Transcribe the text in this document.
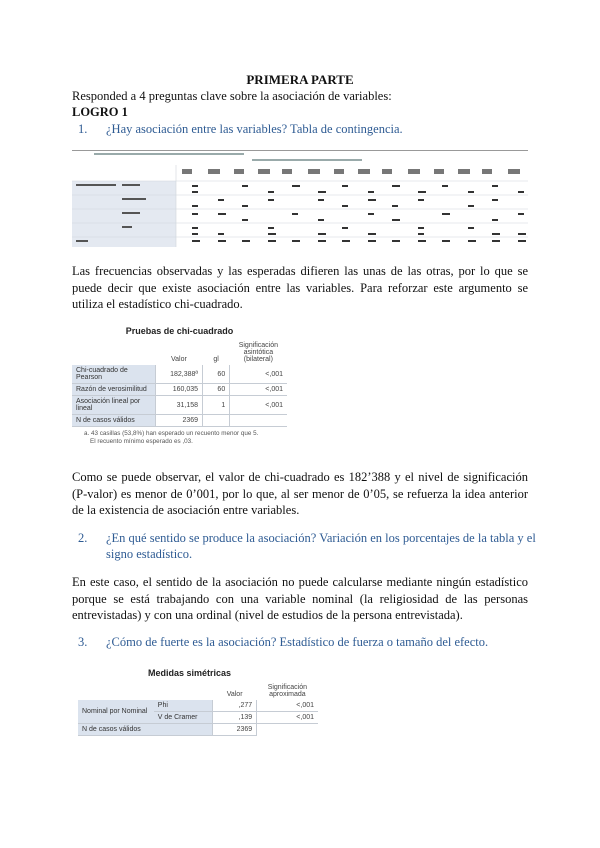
PRIMERA PARTE
Responded a 4 preguntas clave sobre la asociación de variables:
LOGRO 1
1. ¿Hay asociación entre las variables? Tabla de contingencia.
Las frecuencias observadas y las esperadas difieren las unas de las otras, por lo que se puede decir que existe asociación entre las variables. Para reforzar este argumento se utiliza el estadístico chi-cuadrado.
Pruebas de chi-cuadrado
	Valor	gl	Significación asintótica (bilateral)
Chi-cuadrado de Pearson	182,388ª	60	<,001
Razón de verosimilitud	160,035	60	<,001
Asociación lineal por lineal	31,158	1	<,001
N de casos válidos	2369		
a. 43 casillas (53,8%) han esperado un recuento menor que 5.
El recuento mínimo esperado es ,03.
Como se puede observar, el valor de chi-cuadrado es 182’388 y el nivel de significación (P-valor) es menor de 0’001, por lo que, al ser menor de 0’05, se refuerza la idea anterior de la existencia de asociación entre variables.
2. ¿En qué sentido se produce la asociación? Variación en los porcentajes de la tabla y el
signo estadístico.
En este caso, el sentido de la asociación no puede calcularse mediante ningún estadístico porque se está trabajando con una variable nominal (la religiosidad de las personas entrevistadas) y con una ordinal (nivel de estudios de la persona entrevistada).
3. ¿Cómo de fuerte es la asociación? Estadístico de fuerza o tamaño del efecto.
Medidas simétricas
		Valor	Significación aproximada
Nominal por Nominal	Phi	,277	<,001
	V de Cramer	,139	<,001
N de casos válidos		2369	
